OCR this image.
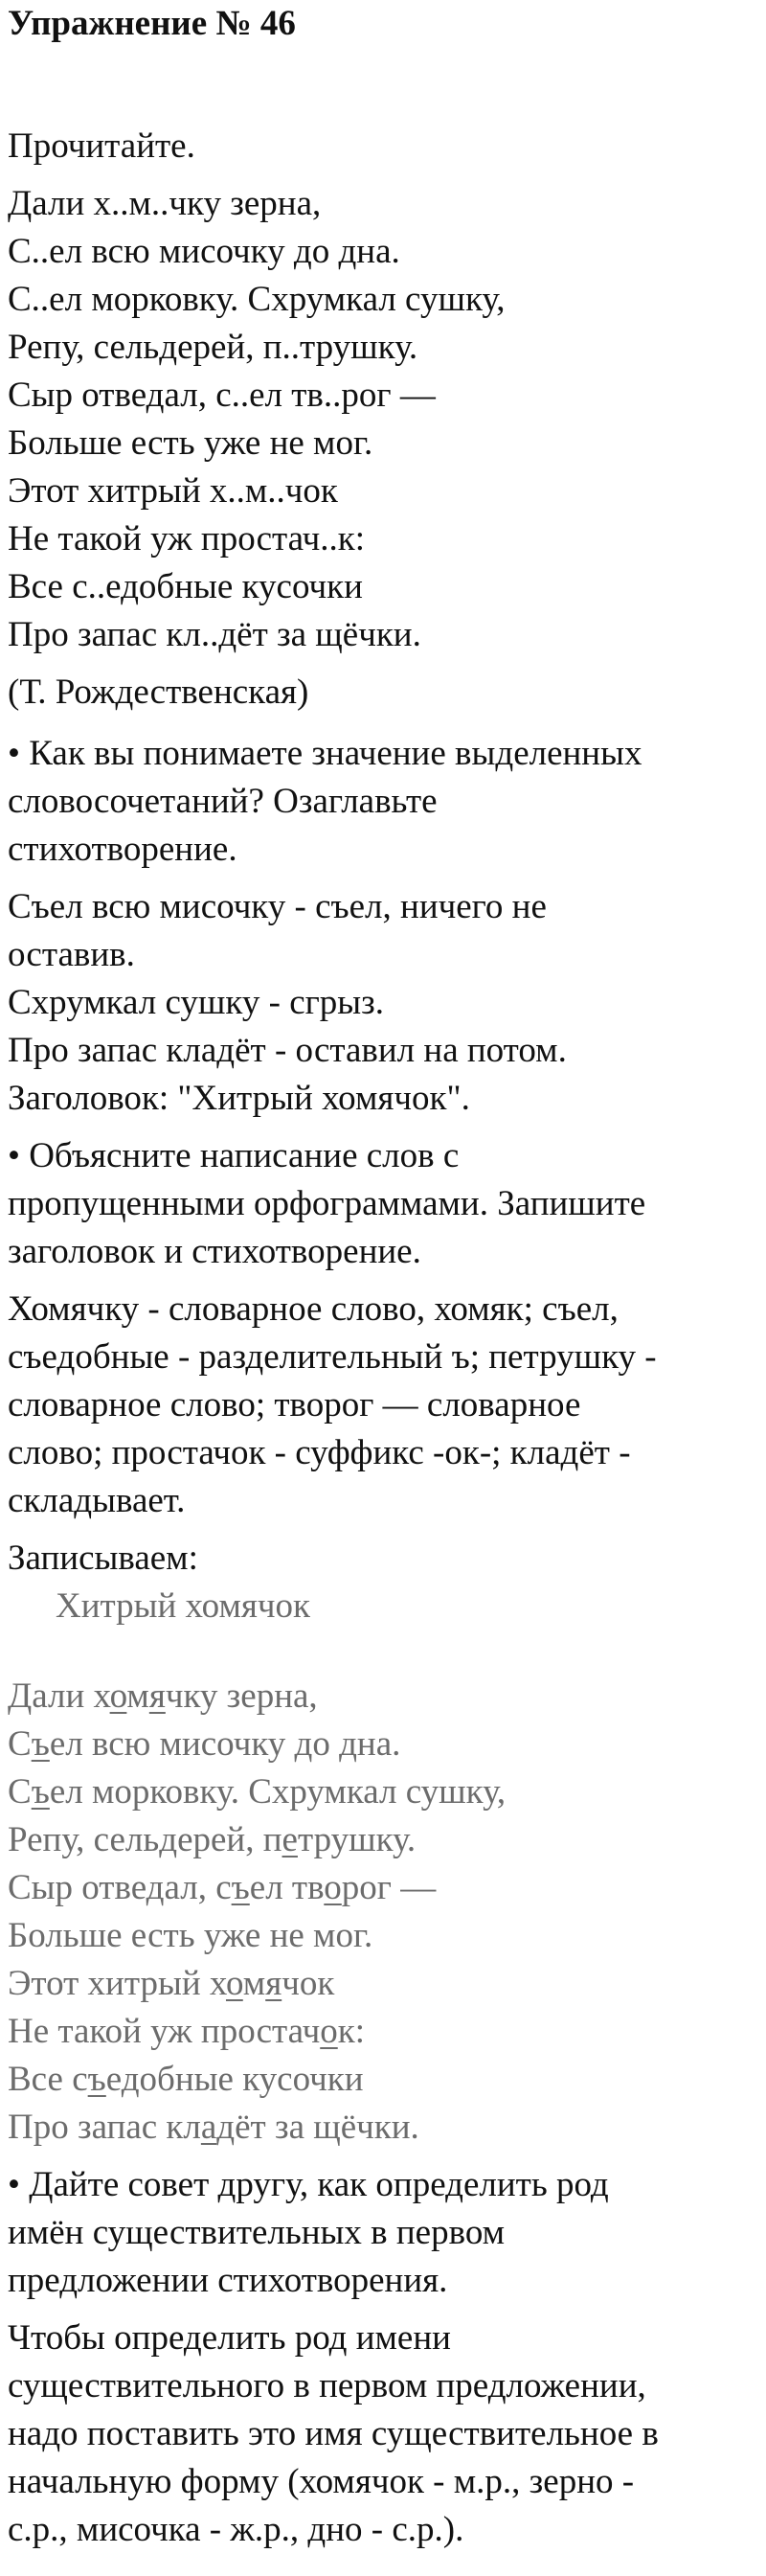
Упражнение № 46
Прочитайте.
Дали х..м..чку зерна,
С..ел всю мисочку до дна.
С..ел морковку. Схрумкал сушку,
Репу, сельдерей, п..трушку.
Сыр отведал, с..ел тв..рог —
Больше есть уже не мог.
Этот хитрый х..м..чок
Не такой уж простач..к:
Все с..едобные кусочки
Про запас кл..дёт за щёчки.
(Т. Рождественская)
• Как вы понимаете значение выделенных
словосочетаний? Озаглавьте
стихотворение.
Съел всю мисочку - съел, ничего не
оставив.
Схрумкал сушку - сгрыз.
Про запас кладёт - оставил на потом.
Заголовок: "Хитрый хомячок".
• Объясните написание слов с
пропущенными орфограммами. Запишите
заголовок и стихотворение.
Хомячку - словарное слово, хомяк; съел,
съедобные - разделительный ъ; петрушку -
словарное слово; творог — словарное
слово; простачок - суффикс -ок-; кладёт -
складывает.
Записываем:
Хитрый хомячок
Дали хомячку зерна,
Съел всю мисочку до дна.
Съел морковку. Схрумкал сушку,
Репу, сельдерей, петрушку.
Сыр отведал, съел творог —
Больше есть уже не мог.
Этот хитрый хомячок
Не такой уж простачок:
Все съедобные кусочки
Про запас кладёт за щёчки.
• Дайте совет другу, как определить род
имён существительных в первом
предложении стихотворения.
Чтобы определить род имени
существительного в первом предложении,
надо поставить это имя существительное в
начальную форму (хомячок - м.р., зерно -
с.р., мисочка - ж.р., дно - с.р.).
